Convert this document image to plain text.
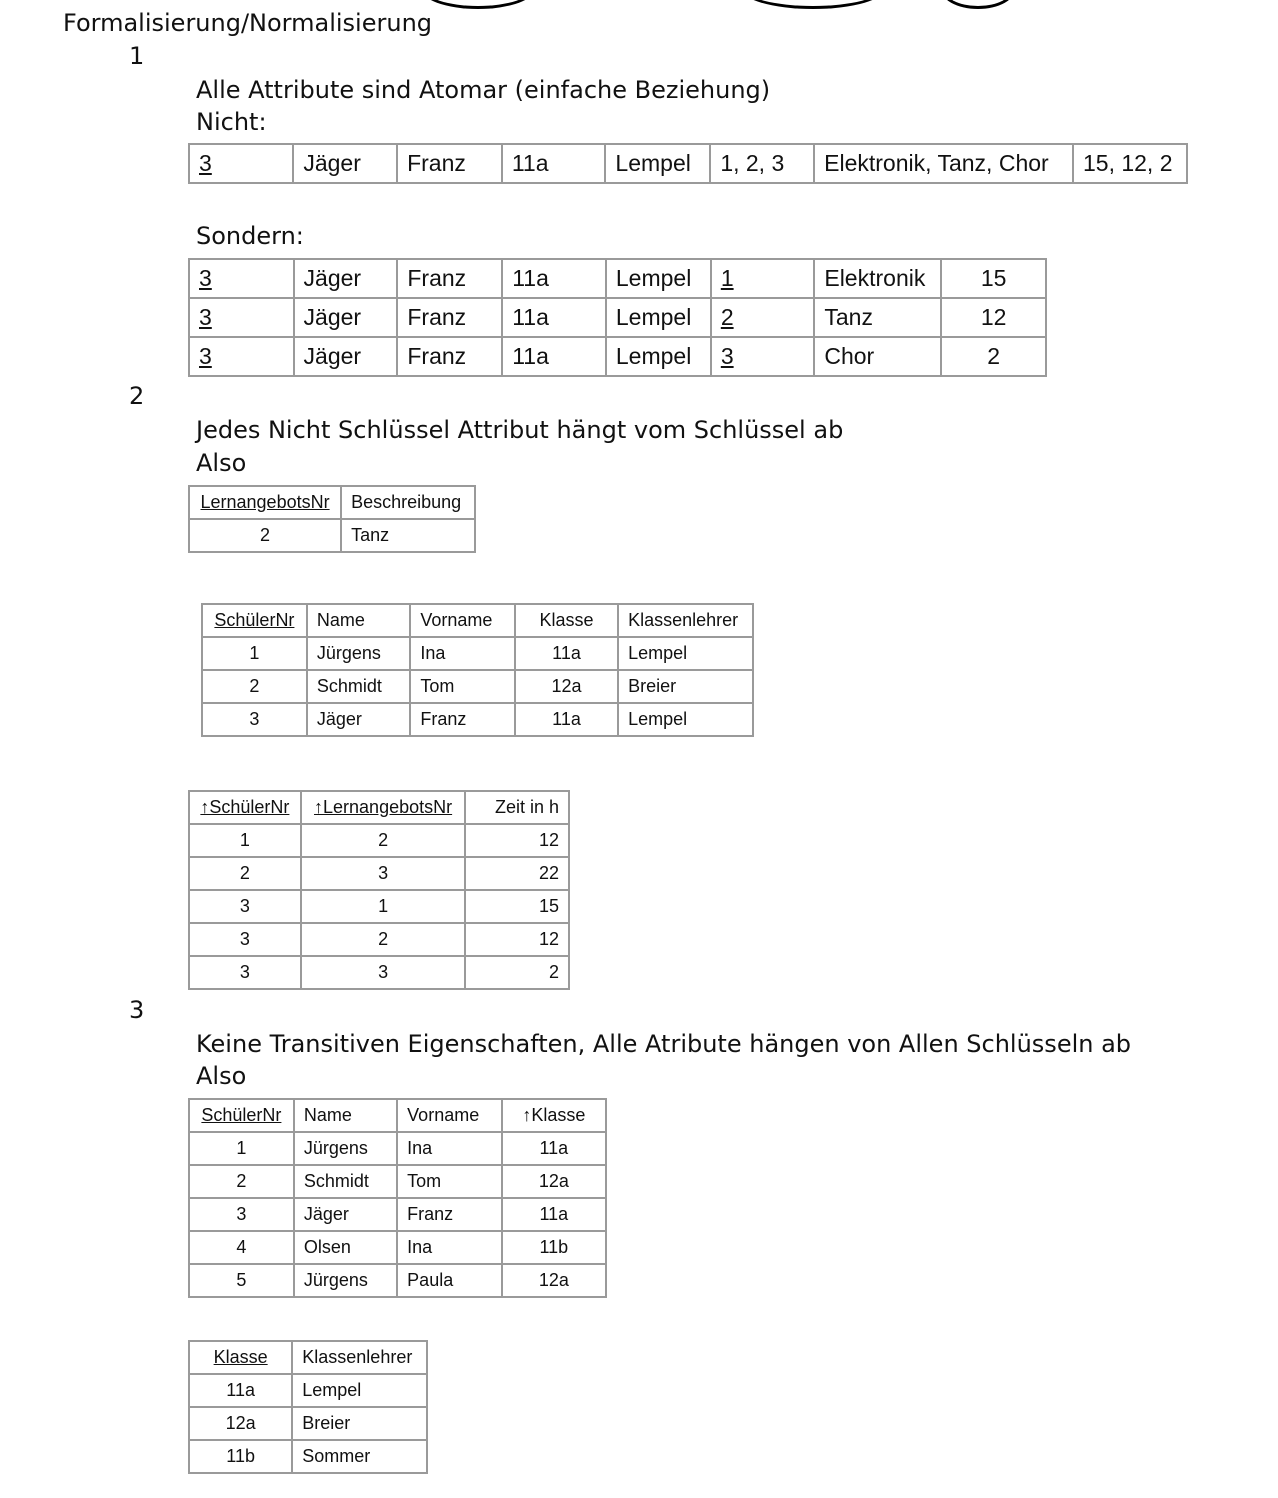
Formalisierung/Normalisierung
1
Alle Attribute sind Atomar (einfache Beziehung)
Nicht:
3	Jäger	Franz	11a	Lempel	1, 2, 3	Elektronik, Tanz, Chor	15, 12, 2
Sondern:
3	Jäger	Franz	11a	Lempel	1	Elektronik	15
3	Jäger	Franz	11a	Lempel	2	Tanz	12
3	Jäger	Franz	11a	Lempel	3	Chor	2
2
Jedes Nicht Schlüssel Attribut hängt vom Schlüssel ab
Also
LernangebotsNr	Beschreibung
2	Tanz
SchülerNr	Name	Vorname	Klasse	Klassenlehrer
1	Jürgens	Ina	11a	Lempel
2	Schmidt	Tom	12a	Breier
3	Jäger	Franz	11a	Lempel
↑SchülerNr	↑LernangebotsNr	Zeit in h
1	2	12
2	3	22
3	1	15
3	2	12
3	3	2
3
Keine Transitiven Eigenschaften, Alle Atribute hängen von Allen Schlüsseln ab
Also
SchülerNr	Name	Vorname	↑Klasse
1	Jürgens	Ina	11a
2	Schmidt	Tom	12a
3	Jäger	Franz	11a
4	Olsen	Ina	11b
5	Jürgens	Paula	12a
Klasse	Klassenlehrer
11a	Lempel
12a	Breier
11b	Sommer
